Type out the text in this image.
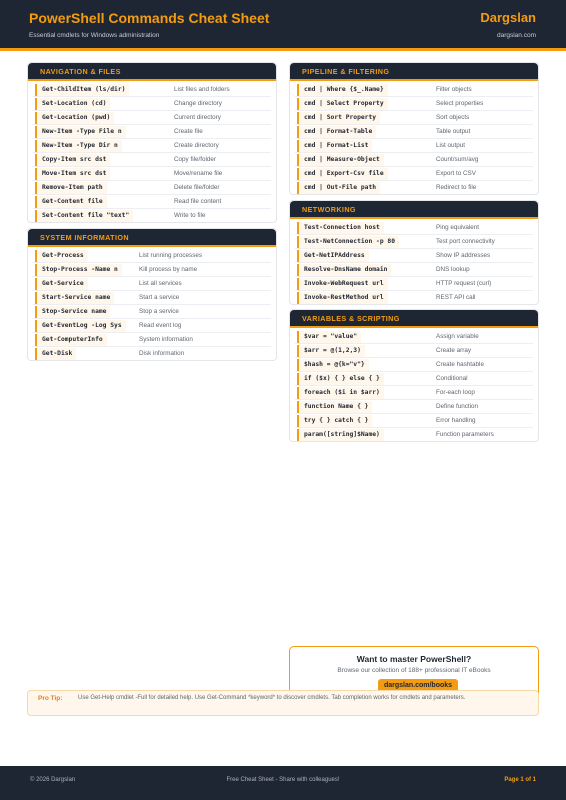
PowerShell Commands Cheat Sheet
Essential cmdlets for Windows administration
Dargslan
dargslan.com
NAVIGATION & FILES
Get-ChildItem (ls/dir)	List files and folders
Set-Location (cd)	Change directory
Get-Location (pwd)	Current directory
New-Item -Type File n	Create file
New-Item -Type Dir n	Create directory
Copy-Item src dst	Copy file/folder
Move-Item src dst	Move/rename file
Remove-Item path	Delete file/folder
Get-Content file	Read file content
Set-Content file "text"	Write to file
SYSTEM INFORMATION
Get-Process	List running processes
Stop-Process -Name n	Kill process by name
Get-Service	List all services
Start-Service name	Start a service
Stop-Service name	Stop a service
Get-EventLog -Log Sys	Read event log
Get-ComputerInfo	System information
Get-Disk	Disk information
PIPELINE & FILTERING
cmd | Where {$_.Name}	Filter objects
cmd | Select Property	Select properties
cmd | Sort Property	Sort objects
cmd | Format-Table	Table output
cmd | Format-List	List output
cmd | Measure-Object	Count/sum/avg
cmd | Export-Csv file	Export to CSV
cmd | Out-File path	Redirect to file
NETWORKING
Test-Connection host	Ping equivalent
Test-NetConnection -p 80	Test port connectivity
Get-NetIPAddress	Show IP addresses
Resolve-DnsName domain	DNS lookup
Invoke-WebRequest url	HTTP request (curl)
Invoke-RestMethod url	REST API call
VARIABLES & SCRIPTING
$var = "value"	Assign variable
$arr = @(1,2,3)	Create array
$hash = @{k="v"}	Create hashtable
if ($x) { } else { }	Conditional
foreach ($i in $arr)	For-each loop
function Name { }	Define function
try { } catch { }	Error handling
param([string]$Name)	Function parameters
Want to master PowerShell?
Browse our collection of 188+ professional IT eBooks
dargslan.com/books
Pro Tip:	Use Get-Help cmdlet -Full for detailed help. Use Get-Command *keyword* to discover cmdlets. Tab completion works for cmdlets and parameters.
© 2026 Dargslan	Free Cheat Sheet - Share with colleagues!	Page 1 of 1
